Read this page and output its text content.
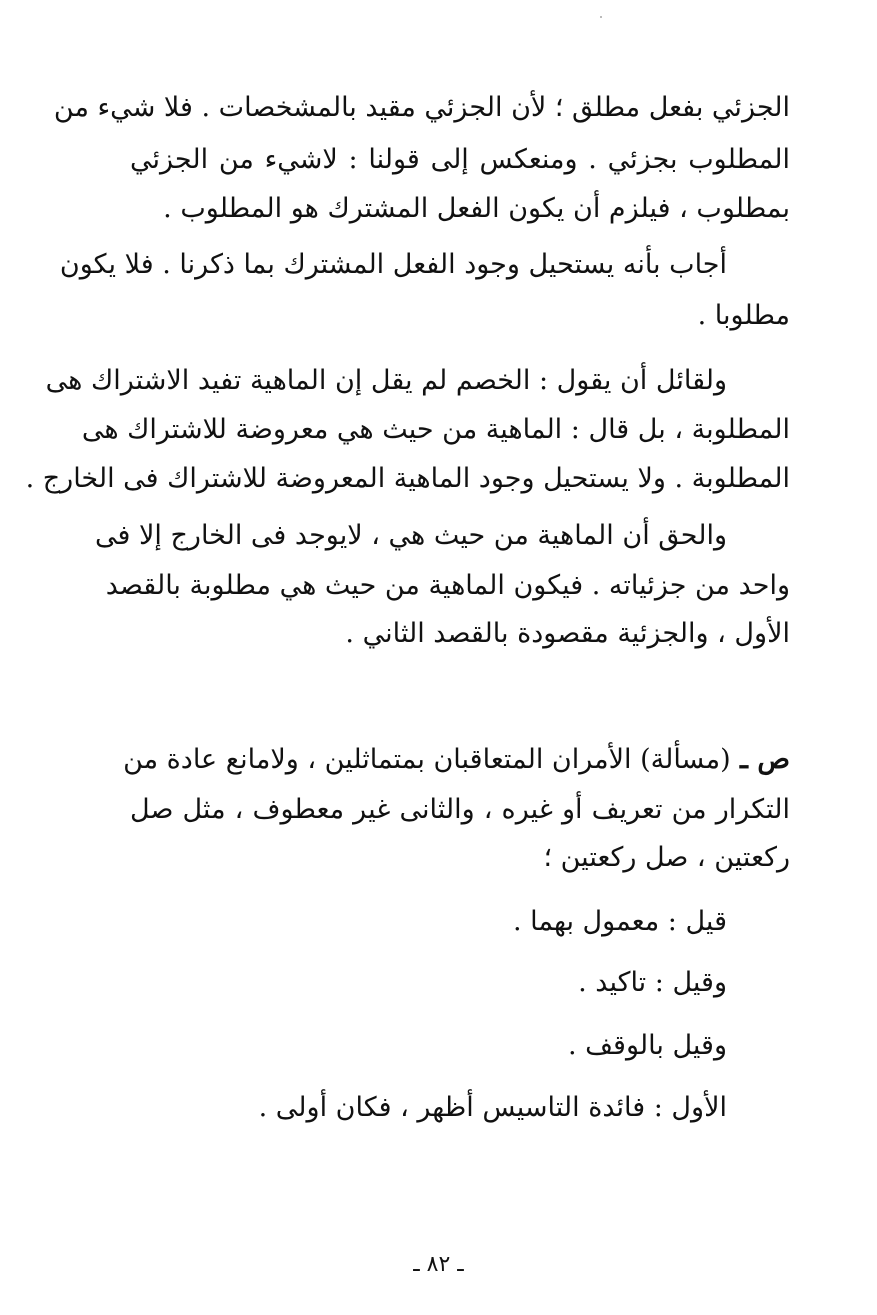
الجزئي بفعل مطلق ؛ لأن الجزئي مقيد بالمشخصات . فلا شيء من
المطلوب بجزئي . ومنعكس إلى قولنا : لاشيء من الجزئي
بمطلوب ، فيلزم أن يكون الفعل المشترك هو المطلوب .
أجاب بأنه يستحيل وجود الفعل المشترك بما ذكرنا . فلا يكون
مطلوبا .
ولقائل أن يقول : الخصم لم يقل إن الماهية تفيد الاشتراك هى
المطلوبة ، بل قال : الماهية من حيث هي معروضة للاشتراك هى
المطلوبة . ولا يستحيل وجود الماهية المعروضة للاشتراك فى الخارج .
والحق أن الماهية من حيث هي ، لايوجد فى الخارج إلا فى
واحد من جزئياته . فيكون الماهية من حيث هي مطلوبة بالقصد
الأول ، والجزئية مقصودة بالقصد الثاني .
ص ـ (مسألة) الأمران المتعاقبان بمتماثلين ، ولامانع عادة من
التكرار من تعريف أو غيره ، والثانى غير معطوف ، مثل صل
ركعتين ، صل ركعتين ؛
قيل : معمول بهما .
وقيل : تاكيد .
وقيل بالوقف .
الأول : فائدة التاسيس أظهر ، فكان أولى .
ـ ٨٢ ـ
